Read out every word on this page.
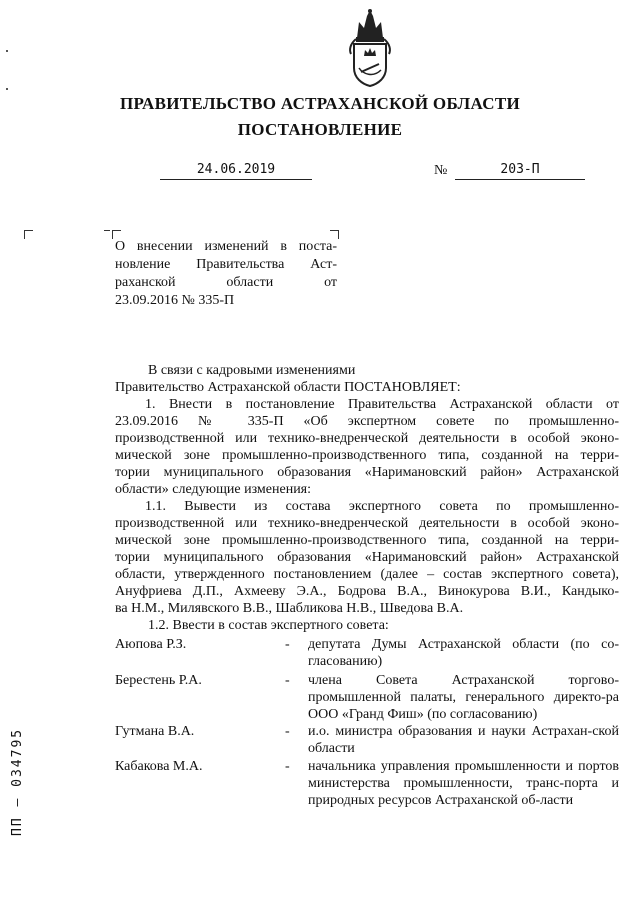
ПРАВИТЕЛЬСТВО АСТРАХАНСКОЙ ОБЛАСТИ
ПОСТАНОВЛЕНИЕ
24.06.2019	№	203-П
О внесении изменений в поста-
новление Правительства Аст-
раханской области от
23.09.2016 № 335-П
В связи с кадровыми изменениями
Правительство Астраханской области ПОСТАНОВЛЯЕТ:
1. Внести в постановление Правительства Астраханской области от
23.09.2016 № 335-П «Об экспертном совете по промышленно-
производственной или технико-внедренческой деятельности в особой эконо-
мической зоне промышленно-производственного типа, созданной на терри-
тории муниципального образования «Наримановский район» Астраханской
области» следующие изменения:
1.1. Вывести из состава экспертного совета по промышленно-
производственной или технико-внедренческой деятельности в особой эконо-
мической зоне промышленно-производственного типа, созданной на терри-
тории муниципального образования «Наримановский район» Астраханской
области, утвержденного постановлением (далее – состав экспертного совета),
Ануфриева Д.П., Ахмееву Э.А., Бодрова В.А., Винокурова В.И., Кандыко-
ва Н.М., Милявского В.В., Шабликова Н.В., Шведова В.А.
1.2. Ввести в состав экспертного совета:
Аюпова Р.З.	- депутата Думы Астраханской области (по со-гласованию)
Берестень Р.А.	- члена Совета Астраханской торгово-промышленной палаты, генерального директо-ра ООО «Гранд Фиш» (по согласованию)
Гутмана В.А.	- и.о. министра образования и науки Астрахан-ской области
Кабакова М.А.	- начальника управления промышленности и портов министерства промышленности, транс-порта и природных ресурсов Астраханской об-ласти
ПП – 034795
